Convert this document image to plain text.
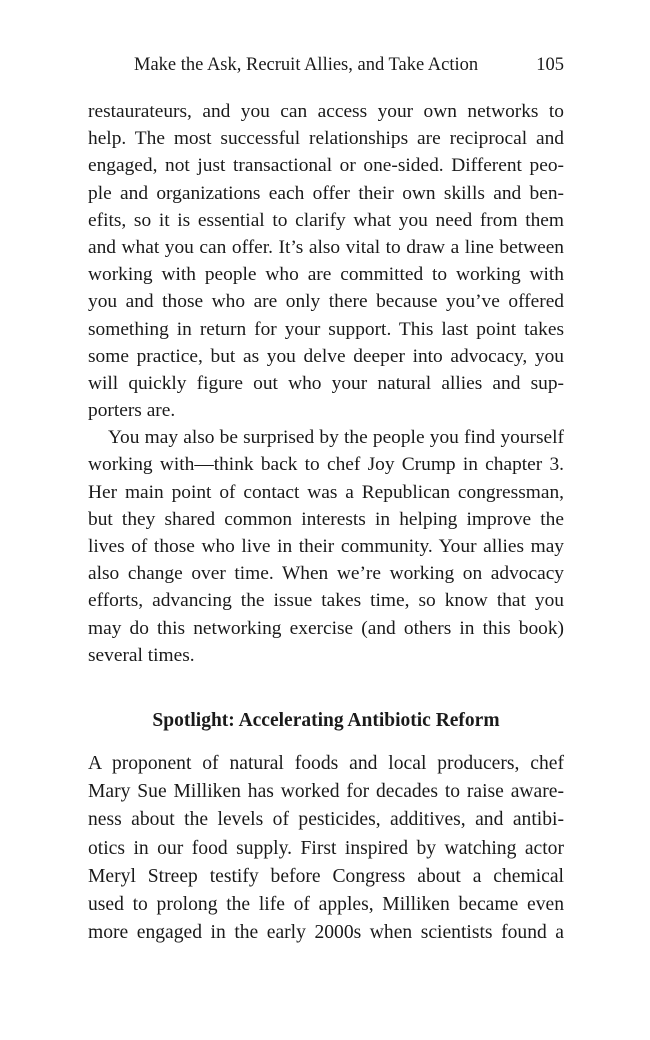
Make the Ask, Recruit Allies, and Take Action	105
restaurateurs, and you can access your own networks to
help. The most successful relationships are reciprocal and
engaged, not just transactional or one-sided. Different peo-
ple and organizations each offer their own skills and ben-
efits, so it is essential to clarify what you need from them
and what you can offer. It’s also vital to draw a line between
working with people who are committed to working with
you and those who are only there because you’ve offered
something in return for your support. This last point takes
some practice, but as you delve deeper into advocacy, you
will quickly figure out who your natural allies and sup-
porters are.
You may also be surprised by the people you find yourself
working with—think back to chef Joy Crump in chapter 3.
Her main point of contact was a Republican congressman,
but they shared common interests in helping improve the
lives of those who live in their community. Your allies may
also change over time. When we’re working on advocacy
efforts, advancing the issue takes time, so know that you
may do this networking exercise (and others in this book)
several times.
Spotlight: Accelerating Antibiotic Reform
A proponent of natural foods and local producers, chef
Mary Sue Milliken has worked for decades to raise aware-
ness about the levels of pesticides, additives, and antibi-
otics in our food supply. First inspired by watching actor
Meryl Streep testify before Congress about a chemical
used to prolong the life of apples, Milliken became even
more engaged in the early 2000s when scientists found a
